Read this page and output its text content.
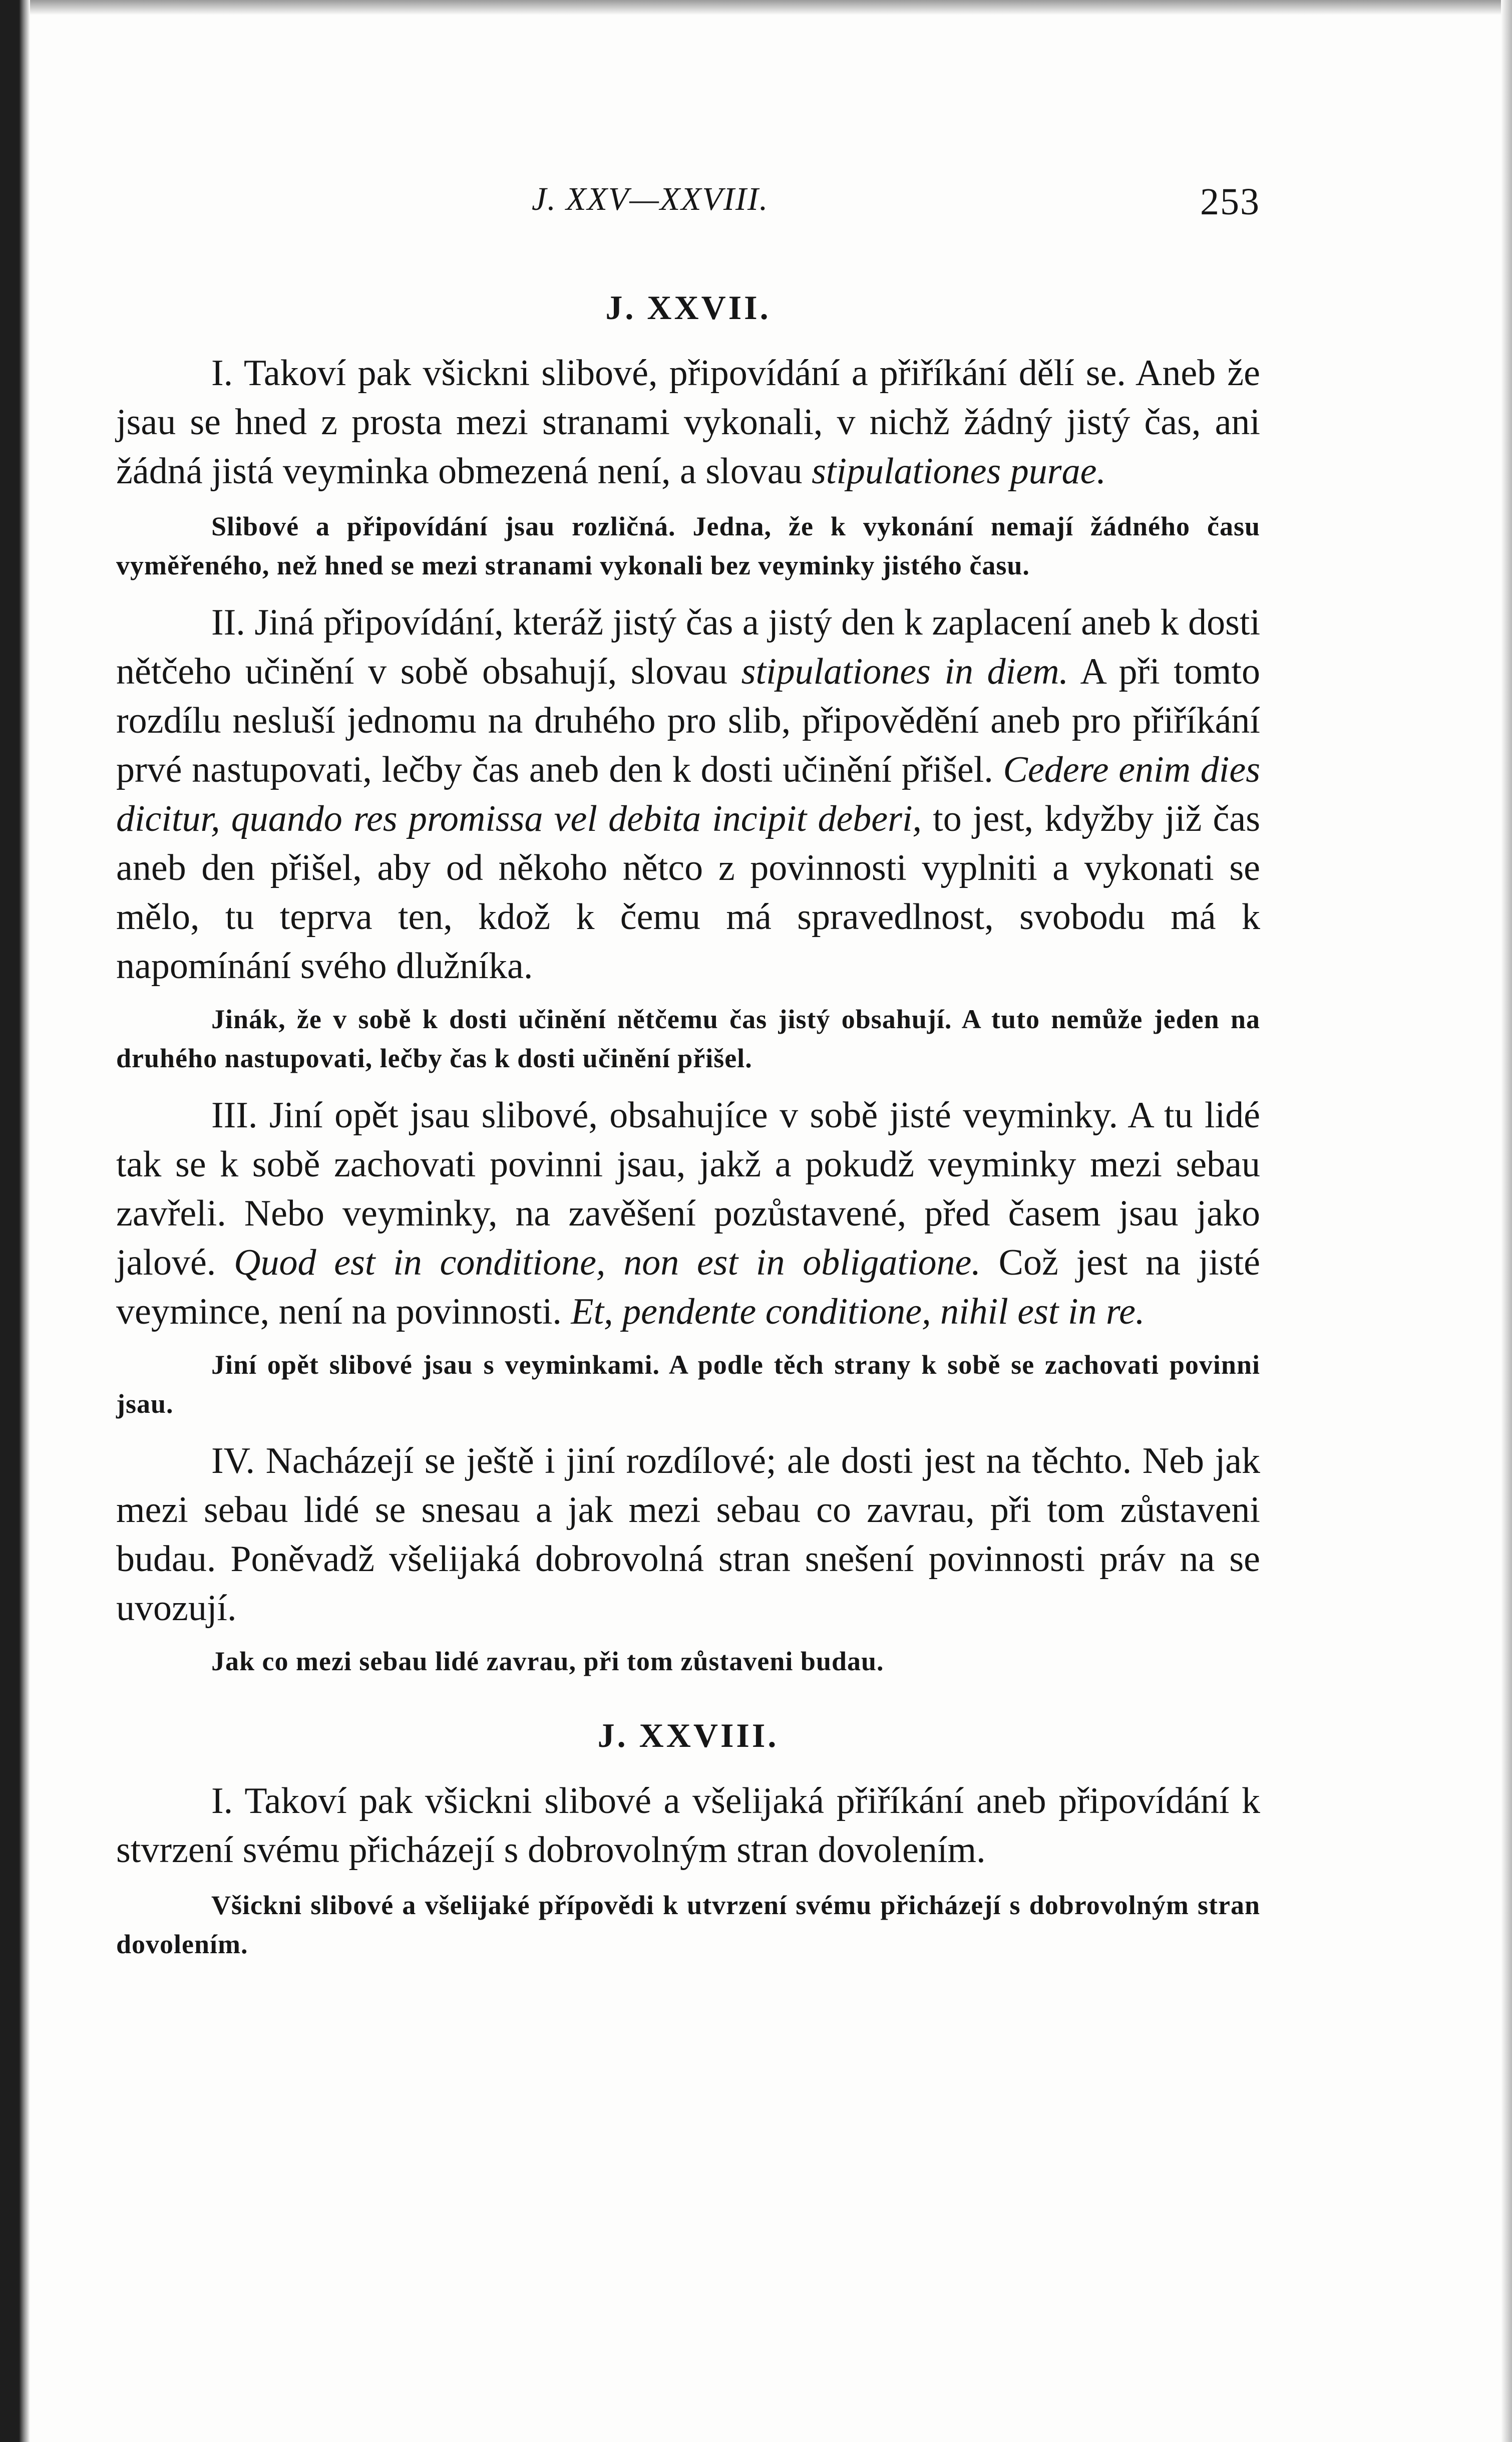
J. XXV—XXVIII.	253
J. XXVII.

I. Takoví pak všickni slibové, připovídání a přiříkání dělí se. Aneb že jsau se hned z prosta mezi stranami vykonali, v nichž žádný jistý čas, ani žádná jistá veyminka obmezená není, a slovau stipulationes purae.

Slibové a připovídání jsau rozličná. Jedna, že k vykonání nemají žádného času vyměřeného, než hned se mezi stranami vykonali bez veyminky jistého času.

II. Jiná připovídání, kteráž jistý čas a jistý den k zaplacení aneb k dosti nětčeho učinění v sobě obsahují, slovau stipulationes in diem. A při tomto rozdílu nesluší jednomu na druhého pro slib, připovědění aneb pro přiříkání prvé nastupovati, lečby čas aneb den k dosti učinění přišel. Cedere enim dies dicitur, quando res promissa vel debita incipit deberi, to jest, kdyžby již čas aneb den přišel, aby od někoho nětco z povinnosti vyplniti a vykonati se mělo, tu teprva ten, kdož k čemu má spravedlnost, svobodu má k napomínání svého dlužníka.

Jinák, že v sobě k dosti učinění nětčemu čas jistý obsahují. A tuto nemůže jeden na druhého nastupovati, lečby čas k dosti učinění přišel.

III. Jiní opět jsau slibové, obsahujíce v sobě jisté veyminky. A tu lidé tak se k sobě zachovati povinni jsau, jakž a pokudž veyminky mezi sebau zavřeli. Nebo veyminky, na zavěšení pozůstavené, před časem jsau jako jalové. Quod est in conditione, non est in obligatione. Což jest na jisté veymince, není na povinnosti. Et, pendente conditione, nihil est in re.

Jiní opět slibové jsau s veyminkami. A podle těch strany k sobě se zachovati povinni jsau.

IV. Nacházejí se ještě i jiní rozdílové; ale dosti jest na těchto. Neb jak mezi sebau lidé se snesau a jak mezi sebau co zavrau, při tom zůstaveni budau. Poněvadž všelijaká dobrovolná stran snešení povinnosti práv na se uvozují.

Jak co mezi sebau lidé zavrau, při tom zůstaveni budau.

J. XXVIII.

I. Takoví pak všickni slibové a všelijaká přiříkání aneb připovídání k stvrzení svému přicházejí s dobrovolným stran dovolením.

Všickni slibové a všelijaké přípovědi k utvrzení svému přicházejí s dobrovolným stran dovolením.
